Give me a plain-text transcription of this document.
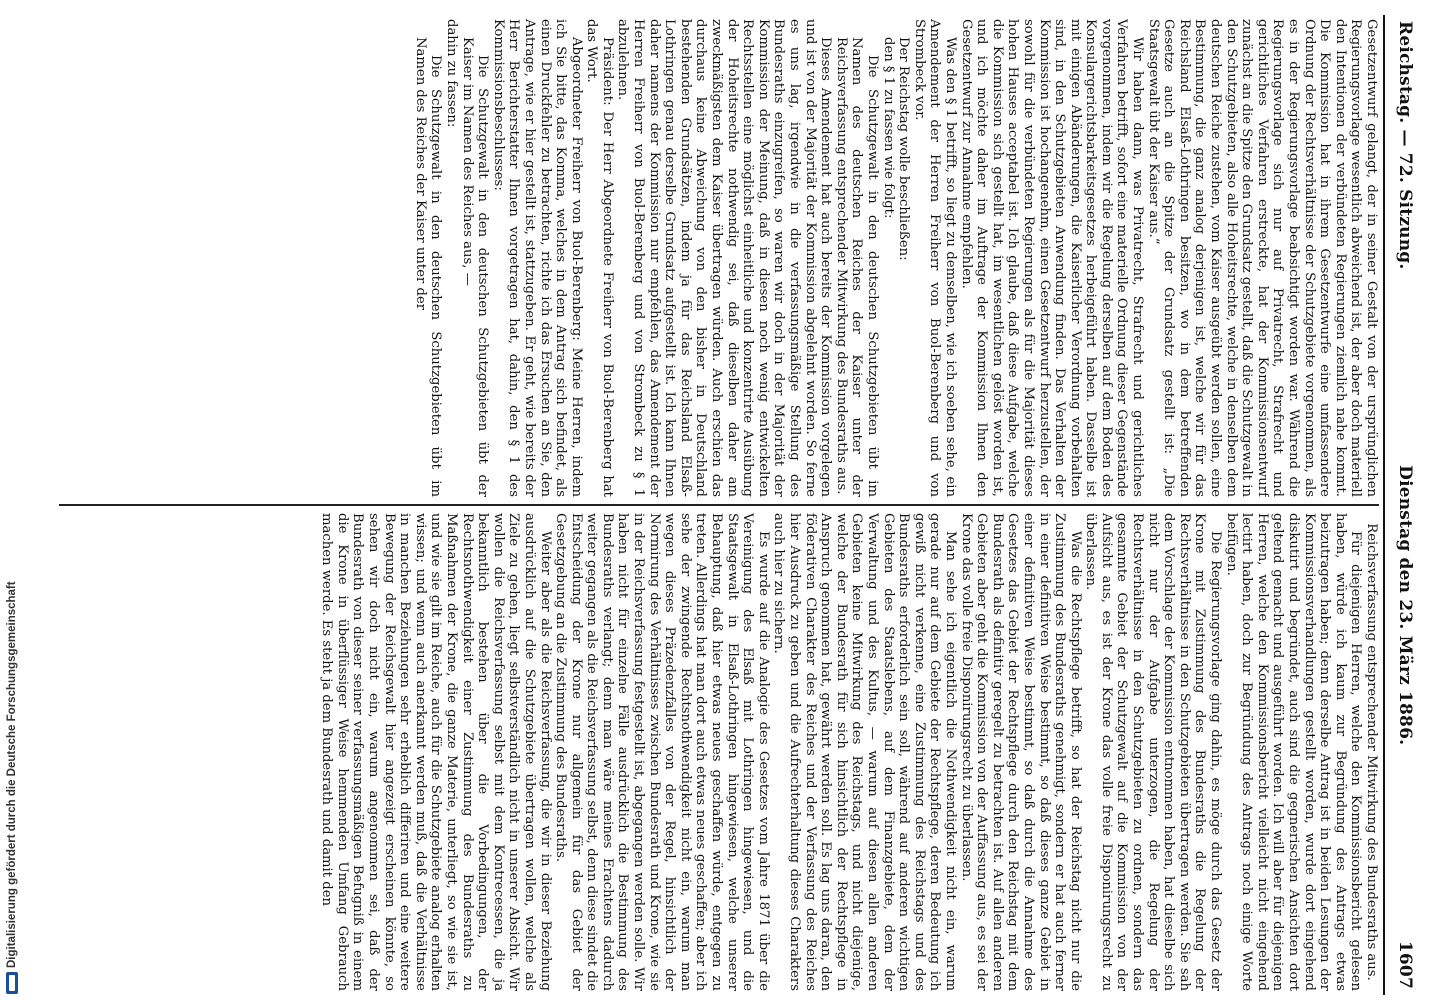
Digitalisierung gefördert durch die Deutsche Forschungsgemeinschaft
Reichstag. — 72. Sitzung.
Dienstag den 23. März 1886.
1607

Gesetzentwurf gelangt, der in seiner Gestalt von der ursprünglichen Regierungsvorlage wesentlich abweichend ist, der aber doch materiell den Intentionen der verbündeten Regierungen ziemlich nahe kommt. Die Kommission hat in ihrem Gesetzentwurfe eine umfassendere Ordnung der Rechtsverhältnisse der Schutzgebiete vorgenommen, als es in der Regierungsvorlage beabsichtigt worden war. Während die Regierungsvorlage sich nur auf Privatrecht, Strafrecht und gerichtliches Verfahren erstreckte, hat der Kommissionsentwurf zunächst an die Spitze den Grundsatz gestellt, daß die Schutzgewalt in den Schutzgebieten, also alle Hoheitsrechte, welche in denselben dem deutschen Reiche zustehen, vom Kaiser ausgeübt werden sollen, eine Bestimmung, die ganz analog derjenigen ist, welche wir für das Reichsland Elsaß-Lothringen besitzen, wo in dem betreffenden Gesetze auch an die Spitze der Grundsatz gestellt ist: „Die Staatsgewalt übt der Kaiser aus.“

Wir haben dann, was Privatrecht, Strafrecht und gerichtliches Verfahren betrifft, sofort eine materielle Ordnung dieser Gegenstände vorgenommen, indem wir die Regelung derselben auf dem Boden des Konsulargerichtsbarkeitsgesetzes herbeigeführt haben. Dasselbe ist mit einigen Abänderungen, die Kaiserlicher Verordnung vorbehalten sind, in den Schutzgebieten Anwendung finden. Das Verhalten der Kommission ist hochangenehm, einen Gesetzentwurf herzustellen, der sowohl für die verbündeten Regierungen als für die Majorität dieses hohen Hauses acceptabel ist. Ich glaube, daß diese Aufgabe, welche die Kommission sich gestellt hat, im wesentlichen gelöst worden ist, und ich möchte daher im Auftrage der Kommission Ihnen den Gesetzentwurf zur Annahme empfehlen.

Was den § 1 betrifft, so liegt zu demselben, wie ich soeben sehe, ein Amendement der Herren Freiherr von Buol-Berenberg und von Strombeck vor.

Der Reichstag wolle beschließen:

den § 1 zu fassen wie folgt:

Die Schutzgewalt in den deutschen Schutzgebieten übt im Namen des deutschen Reiches der Kaiser unter der Reichsverfassung entsprechender Mitwirkung des Bundesraths aus.

Dieses Amendement hat auch bereits der Kommission vorgelegen und ist von der Majorität der Kommission abgelehnt worden. So ferne es uns lag, irgendwie in die verfassungsmäßige Stellung des Bundesraths einzugreifen, so waren wir doch in der Majorität der Kommission der Meinung, daß in diesen noch wenig entwickelten Rechtsstellen eine möglichst einheitliche und konzentrirte Ausübung der Hoheitsrechte nothwendig sei, daß dieselben daher am zweckmäßigsten dem Kaiser übertragen würden. Auch erschien das durchaus keine Abweichung von den bisher in Deutschland bestehenden Grundsätzen, indem ja für das Reichsland Elsaß-Lothringen genau derselbe Grundsatz aufgestellt ist. Ich kann Ihnen daher namens der Kommission nur empfehlen, das Amendement der Herren Freiherr von Buol-Berenberg und von Strombeck zu § 1 abzulehnen.

Präsident: Der Herr Abgeordnete Freiherr von Buol-Berenberg hat das Wort.

Abgeordneter Freiherr von Buol-Berenberg: Meine Herren, indem ich Sie bitte, das Komma, welches in dem Antrag sich befindet, als einen Druckfehler zu betrachten, richte ich das Ersuchen an Sie, den Antrage, wie er hier gestellt ist, stattzugeben. Er geht, wie bereits der Herr Berichterstatter Ihnen vorgetragen hat, dahin, den § 1 des Kommissionsbeschlusses:

Die Schutzgewalt in den deutschen Schutzgebieten übt der Kaiser im Namen des Reiches aus, —

dahin zu fassen:

Die Schutzgewalt in den deutschen Schutzgebieten übt im Namen des Reiches der Kaiser unter der

Reichsverfassung entsprechender Mitwirkung des Bundesraths aus.

Für diejenigen Herren, welche den Kommissionsbericht gelesen haben, würde ich kaum zur Begründung des Antrags etwas beizutragen haben; denn derselbe Antrag ist in beiden Lesungen der Kommissionsverhandlungen gestellt worden, wurde dort eingehend diskutirt und begründet, auch sind die gegnerischen Ansichten dort geltend gemacht und ausgeführt worden. Ich will aber für diejenigen Herren, welche den Kommissionsbericht vielleicht nicht eingehend lectirt haben, doch zur Begründung des Antrags noch einige Worte beifügen.

Die Regierungsvorlage ging dahin, es möge durch das Gesetz der Krone mit Zustimmung des Bundesraths die Regelung der Rechtsverhältnisse in den Schutzgebieten übertragen werden. Sie sah dem Vorschlage der Kommission entnommen haben, hat dieselbe sich nicht nur der Aufgabe unterzogen, die Regelung der Rechtsverhältnisse in den Schutzgebieten zu ordnen, sondern das gesammte Gebiet der Schutzgewalt auf die Kommission von der Aufsicht aus, es ist der Krone das volle freie Disponirungsrecht zu überlassen.

Was die Rechtspflege betrifft, so hat der Reichstag nicht nur die Zustimmung des Bundesraths genehmigt, sondern er hat auch ferner in einer definitiven Weise bestimmt, so daß dieses ganze Gebiet in einer definitiven Weise bestimmt, so daß durch die Annahme des Gesetzes das Gebiet der Rechtspflege durch den Reichstag mit dem Bundesrath als definitiv geregelt zu betrachten ist. Auf allen anderen Gebieten aber geht die Kommission von der Auffassung aus, es sei der Krone das volle freie Disponirungsrecht zu überlassen.

Man sehe ich eigentlich die Nothwendigkeit nicht ein, warum gerade nur auf dem Gebiete der Rechtspflege, deren Bedeutung ich gewiß nicht verkenne, eine Zustimmung des Reichstags und des Bundesraths erforderlich sein soll, während auf anderen wichtigen Gebieten des Staatslebens, auf dem Finanzgebiete, dem der Verwaltung und des Kultus, — warum auf diesen allen anderen Gebieten keine Mitwirkung des Reichstags, und nicht diejenige, welche der Bundesrath für sich hinsichtlich der Rechtspflege in Anspruch genommen hat, gewährt werden soll. Es lag uns daran, den föderativen Charakter des Reiches und der Verfassung des Reiches hier Ausdruck zu geben und die Aufrechterhaltung dieses Charakters auch hier zu sichern.

Es wurde auf die Analogie des Gesetzes vom Jahre 1871 über die Vereinigung des Elsaß mit Lothringen hingewiesen, und die Staatsgewalt in Elsaß-Lothringen hingewiesen, welche unserer Behauptung, daß hier etwas neues geschaffen würde, entgegen zu treten. Allerdings hat man dort auch etwas neues geschaffen; aber ich sehe der zwingende Rechtsnothwendigkeit nicht ein, warum man wegen dieses Präzedenzfalles von der Regel, hinsichtlich der Normirung des Verhältnisses zwischen Bundesrath und Krone, wie sie in der Reichsverfassung festgestellt ist, abgegangen werden solle. Wir haben nicht für einzelne Fälle ausdrücklich die Bestimmung des Bundesraths verlangt; denn man wäre meines Erachtens dadurch weiter gegangen als die Reichsverfassung selbst, denn diese sindet die Entscheidung der Krone nur allgemein für das Gebiet der Gesetzgebung an die Zustimmung des Bundesraths.

Weiter aber als die Reichsverfassung, die wir in dieser Beziehung ausdrücklich auf die Schutzgebiete übertragen wollen, welche als Ziele zu gehen, liegt selbstverständlich nicht in unserer Absicht. Wir wollen die Reichsverfassung selbst mit dem Kontrecessen, die ja bekanntlich bestehen über die Vorbedingungen, der Rechtsnothwendigkeit einer Zustimmung des Bundesraths zu Maßnahmen der Krone, die ganze Materie, unterliegt, so wie sie ist, und wie sie gilt im Reiche, auch für die Schutzgebiete analog erhalten wissen; und wenn auch anerkannt werden muß, daß die Verhältnisse in manchen Beziehungen sehr erheblich differiren und eine weitere Bewegung der Reichsgewalt hier angezeigt erscheinen könnte, so sehen wir doch nicht ein, warum angenommen sei, daß der Bundesrath von dieser seiner verfassungsmäßigen Befugniß in einem die Krone in überflüssiger Weise hemmenden Umfang Gebrauch machen werde. Es steht ja dem Bundesrath und damit den
